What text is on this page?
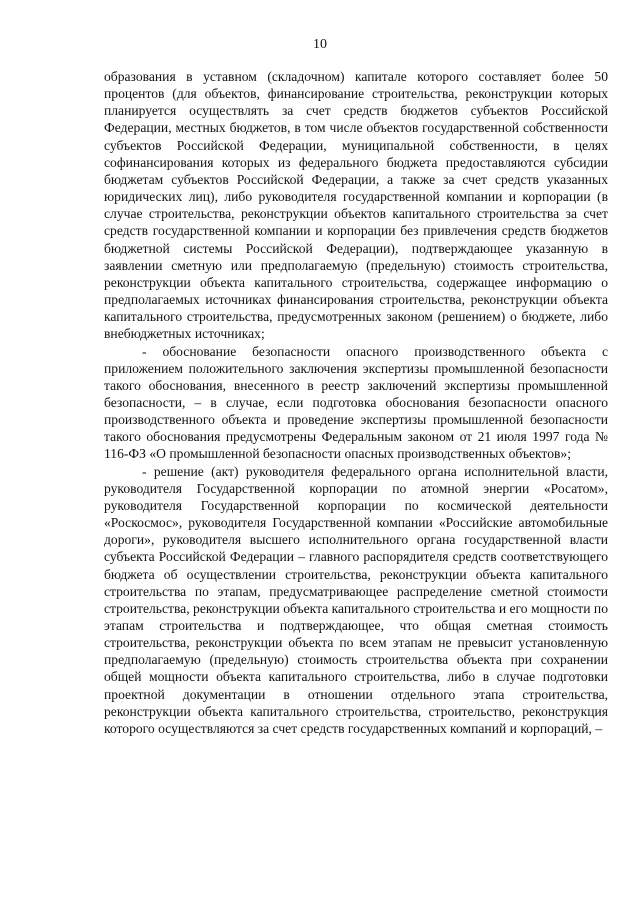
10

образования в уставном (складочном) капитале которого составляет более 50 процентов (для объектов, финансирование строительства, реконструкции которых планируется осуществлять за счет средств бюджетов субъектов Российской Федерации, местных бюджетов, в том числе объектов государственной собственности субъектов Российской Федерации, муниципальной собственности, в целях софинансирования которых из федерального бюджета предоставляются субсидии бюджетам субъектов Российской Федерации, а также за счет средств указанных юридических лиц), либо руководителя государственной компании и корпорации (в случае строительства, реконструкции объектов капитального строительства за счет средств государственной компании и корпорации без привлечения средств бюджетов бюджетной системы Российской Федерации), подтверждающее указанную в заявлении сметную или предполагаемую (предельную) стоимость строительства, реконструкции объекта капитального строительства, содержащее информацию о предполагаемых источниках финансирования строительства, реконструкции объекта капитального строительства, предусмотренных законом (решением) о бюджете, либо внебюджетных источниках;

- обоснование безопасности опасного производственного объекта с приложением положительного заключения экспертизы промышленной безопасности такого обоснования, внесенного в реестр заключений экспертизы промышленной безопасности, – в случае, если подготовка обоснования безопасности опасного производственного объекта и проведение экспертизы промышленной безопасности такого обоснования предусмотрены Федеральным законом от 21 июля 1997 года № 116-ФЗ «О промышленной безопасности опасных производственных объектов»;

- решение (акт) руководителя федерального органа исполнительной власти, руководителя Государственной корпорации по атомной энергии «Росатом», руководителя Государственной корпорации по космической деятельности «Роскосмос», руководителя Государственной компании «Российские автомобильные дороги», руководителя высшего исполнительного органа государственной власти субъекта Российской Федерации – главного распорядителя средств соответствующего бюджета об осуществлении строительства, реконструкции объекта капитального строительства по этапам, предусматривающее распределение сметной стоимости строительства, реконструкции объекта капитального строительства и его мощности по этапам строительства и подтверждающее, что общая сметная стоимость строительства, реконструкции объекта по всем этапам не превысит установленную предполагаемую (предельную) стоимость строительства объекта при сохранении общей мощности объекта капитального строительства, либо в случае подготовки проектной документации в отношении отдельного этапа строительства, реконструкции объекта капитального строительства, строительство, реконструкция которого осуществляются за счет средств государственных компаний и корпораций, –
